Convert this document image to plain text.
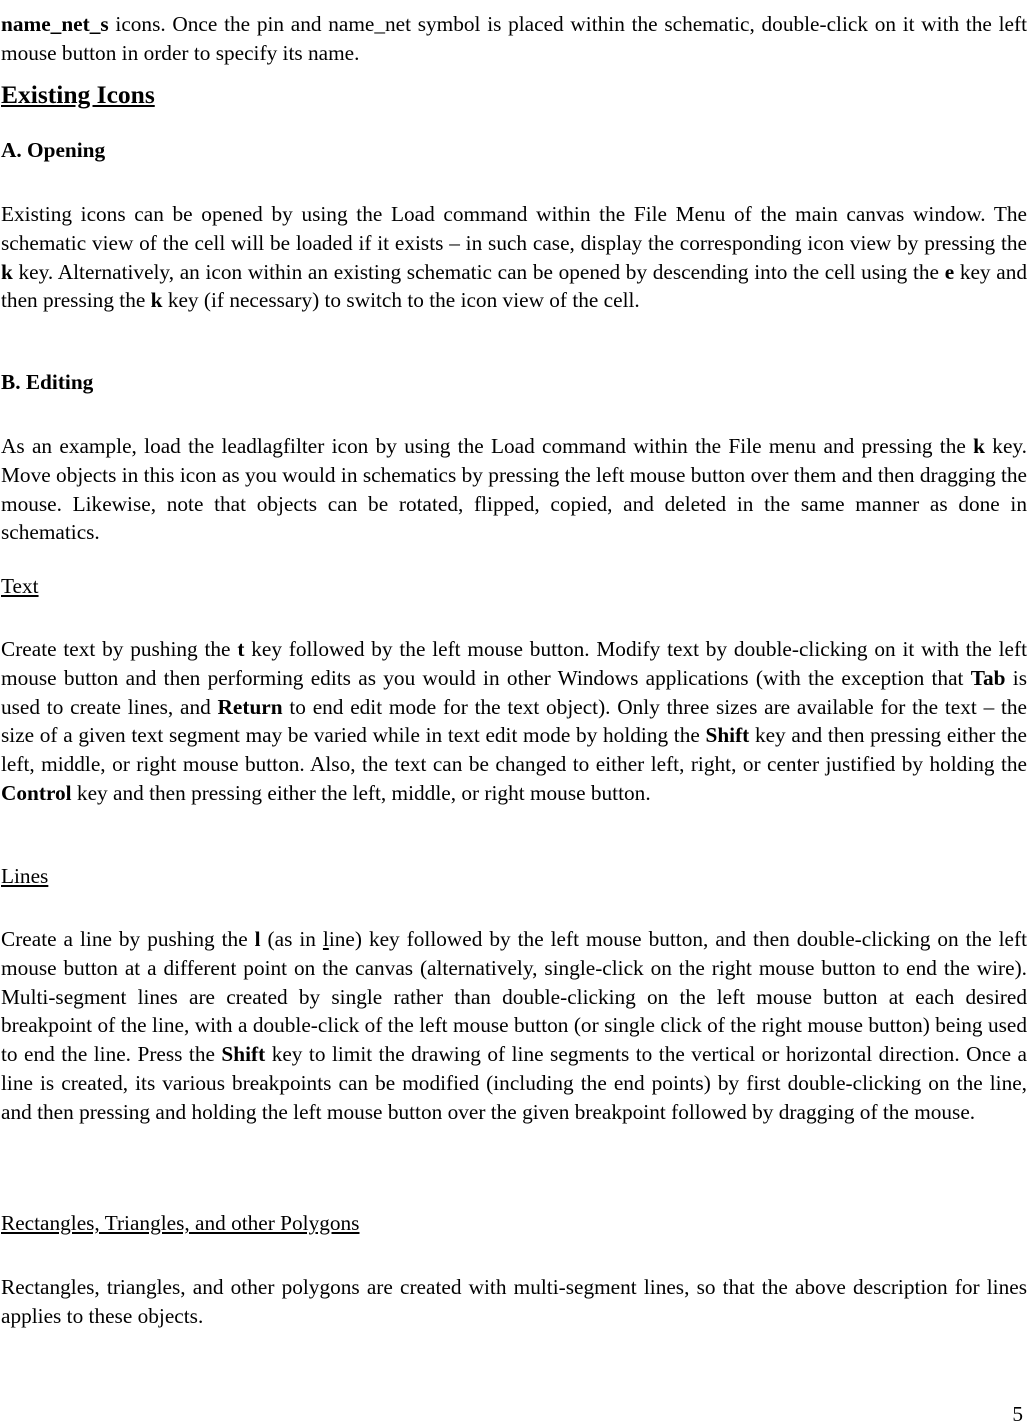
name_net_s icons. Once the pin and name_net symbol is placed within the schematic, double-click on it with the left mouse button in order to specify its name.

Existing Icons
A. Opening

Existing icons can be opened by using the Load command within the File Menu of the main canvas window. The schematic view of the cell will be loaded if it exists – in such case, display the corresponding icon view by pressing the k key. Alternatively, an icon within an existing schematic can be opened by descending into the cell using the e key and then pressing the k key (if necessary) to switch to the icon view of the cell.

B. Editing

As an example, load the leadlagfilter icon by using the Load command within the File menu and pressing the k key. Move objects in this icon as you would in schematics by pressing the left mouse button over them and then dragging the mouse. Likewise, note that objects can be rotated, flipped, copied, and deleted in the same manner as done in schematics.

Text

Create text by pushing the t key followed by the left mouse button. Modify text by double-clicking on it with the left mouse button and then performing edits as you would in other Windows applications (with the exception that Tab is used to create lines, and Return to end edit mode for the text object). Only three sizes are available for the text – the size of a given text segment may be varied while in text edit mode by holding the Shift key and then pressing either the left, middle, or right mouse button. Also, the text can be changed to either left, right, or center justified by holding the Control key and then pressing either the left, middle, or right mouse button.

Lines

Create a line by pushing the l (as in line) key followed by the left mouse button, and then double-clicking on the left mouse button at a different point on the canvas (alternatively, single-click on the right mouse button to end the wire). Multi-segment lines are created by single rather than double-clicking on the left mouse button at each desired breakpoint of the line, with a double-click of the left mouse button (or single click of the right mouse button) being used to end the line. Press the Shift key to limit the drawing of line segments to the vertical or horizontal direction. Once a line is created, its various breakpoints can be modified (including the end points) by first double-clicking on the line, and then pressing and holding the left mouse button over the given breakpoint followed by dragging of the mouse.

Rectangles, Triangles, and other Polygons

Rectangles, triangles, and other polygons are created with multi-segment lines, so that the above description for lines applies to these objects.

5
